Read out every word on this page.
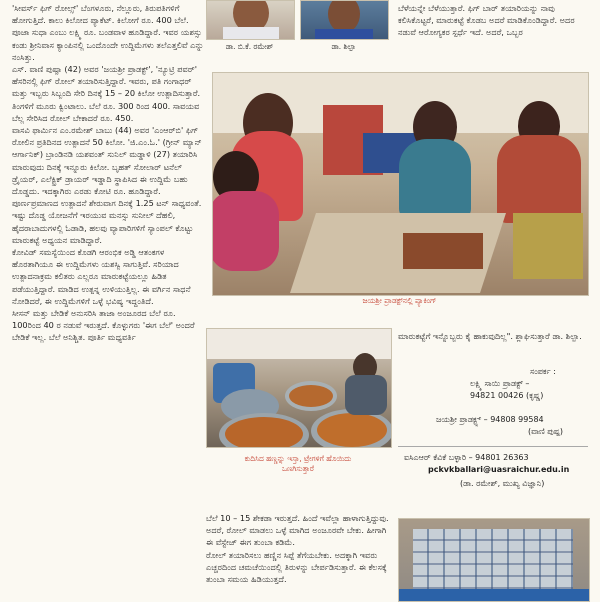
'ಸೀವರ್ಸ್ ಫಿಗ್ ರೋಲ್ಸ್' ಬೆಂಗಳೂರು, ನೆಲ್ಲೂರು, ತಿರುಪತಿಗಳಿಗೆ ಹೋಗುತ್ತಿದೆ. ಕಾಲು ಕಿಲೋದ ಪ್ಯಾಕೆಟ್. ಕಿಲೋಗೆ ರೂ. 400 ಬೆಲೆ.
ಪೂಜಾ ಸುಧಾ ಎಂಬು ಲಕ್ಷ್ಮಿ ರೂ. ಬಂಡವಾಳ ಹೂಡಿದ್ದಾರೆ. ಇವರ ಯಶಸ್ಸು ಕಂಡು ಶ್ರೀನಿವಾಸ ಕ್ಯಾಂಪಿನಲ್ಲಿ ಒಂದೊಂದೇ ಉದ್ದಿಮೆಗಳು ತಲೆಎತ್ತಲಿವೆ ಎನ್ನು ನಂಸಿತ್ತು.
ಎಸ್. ವಾಣಿ ಪುಷ್ಪಾ (42) ಅವರ 'ಜಯಶ್ರೀ ಪ್ರಾಡಕ್ಟ್', 'ನ್ಯೂಟ್ರಿ ಪವರ್' ಹೆಸರಿನಲ್ಲಿ ಫಿಗ್ ರೋಲ್ ತಯಾರಿಸುತ್ತಿದ್ದಾರೆ. ಇವರು, ಪತಿ ಗಂಗಾಧರ್ ಮತ್ತು ಇಬ್ಬರು ಸಿಬ್ಬಂದಿ ಸೇರಿ ದಿನಕ್ಕೆ 15 – 20 ಕಿಲೋ ಉತ್ಪಾದಿಸುತ್ತಾರೆ. ತಿಂಗಳಿಗೆ ಮೂರು ಕ್ವಿಂಟಾಲು. ಬೆಲೆ ರೂ. 300 ರಿಂದ 400. ಸಾವಯವ ಬೆಲ್ಲ ಸೇರಿಸಿದ ರೋಲ್ ಬೇಕಾದರೆ ರೂ. 450.
ವಾಸವಿ ಫಾರ್ಮಿನ ಎಂ.ರಮೇಶ್ ಬಾಬು (44) ಅವರ 'ಎಂಆರ್‌ಬಿ' ಫಿಗ್ ರೋಲಿನ ಪ್ರತಿದಿನದ ಉತ್ಪಾದನೆ 50 ಕಿಲೋ. 'ಜಿ.ಎಂ.ಓ.' (ಗ್ರೀನ್ ಮ್ಯಾನ್ ಆರ್ಗಾನಿಕ್) ಬ್ರಾಂಡಿನಡಿ ಯಶವಂತ್ ಸುನಿಲ್ ಮಡ್ಡಾಳಿ (27) ತಯಾರಿಸಿ ಮಾರುವುದು ದಿನಕ್ಕೆ ಇನ್ನೂರು ಕಿಲೋ. ಬೃಹತ್ ಸೋಲಾರ್ ಟನೆಲ್ ಡ್ರೈಯರ್, ಎಲೆಕ್ಟ್ರಿಕ್ ಡ್ರಾಯರ್ ಇಡ್ಡಾದಿ ಸ್ಥಾಪಿಸಿದ ಈ ಉದ್ದಿಮೆ ಬಹು ದೊಡ್ಡದು. ಇದಕ್ಕಾಗಿರು ಎರಡು ಕೋಟಿ ರೂ. ಹೂಡಿದ್ದಾರೆ. ಪೂರ್ಣಪ್ರಮಾಣದ ಉತ್ಪಾದನೆ ಶೇರುವಾಗ ದಿನಕ್ಕೆ 1.25 ಟನ್ ಸಾಧ್ಯವಂತೆ. ಇಷ್ಟು ದೊಡ್ಡ ಯೋಜನೆಗೆ ಇರಯುವ ಮನಸ್ಸು ಸುನೀಲ್ ದೆಹಲಿ, ಹೈದರಾಬಾದುಗಳಲ್ಲಿ ಓಡಾಡಿ, ಹಲವು ವ್ಯಾಪಾರಿಗಳಿಗೆ ಸ್ಯಾಂಪಲ್ ಕೊಟ್ಟು ಮಾರುಕಟ್ಟೆ ಅಧ್ಯಯನ ಮಾಡಿದ್ದಾರೆ.
ಕೋವಿಡ್ ಸಮಸ್ಯೆಯಿಂದ ಕೊಡಗಿ ಆರಂಭಿಕ ಅಡ್ಡಿ ಆತಂಕಗಳ ಹೊರತಾಗಿಯೂ ಈ ಉದ್ದಿಮೆಗಳು ಯಶಸ್ವಿ ಸಾಗುತ್ತಿವೆ. ಸರಿಯಾದ ಉತ್ಪಾದನಾಕ್ರಮ ಕಲಿತರು ಎಲ್ಲರೂ ಮಾರುಕಟ್ಟೆಯಲ್ಲೂ ಹಿಡಿತ ಪಡೆಯುತ್ತಿದ್ದಾರೆ. ಮಾಡಿದ ಉತ್ಪನ್ನ ಉಳಿಯುತ್ತಿಲ್ಲ. ಈ ವರ್ಗಿನ ಸಾಧನೆ ನೋಡಿದರೆ, ಈ ಉದ್ದಿಮೆಗಳಿಗೆ ಒಳ್ಳೆ ಭವಿಷ್ಯ ಇದ್ದಂತಿದೆ.
ಸೀಸನ್ ಮತ್ತು ಬೇಡಿಕೆ ಅನುಸರಿಸಿ ತಾಜಾ ಅಂಜೂರದ ಬೆಲೆ ರೂ. 100ರಿಂದ 40 ರ ನಡುವೆ ಇರುತ್ತದೆ. ಕೊಳ್ಳುಗರು 'ಈಗ ಬೆಲೆ' ಅಂದರೆ ಬೇಡಿಕೆ ಇಲ್ಲ. ಬೆಲೆ ಅನಿಶ್ಚಿತ. ಪೂರ್ತಿ ಮಧ್ಯವರ್ತಿ
ಡಾ. ಬಿ.ಕೆ. ರಮೇಶ್	ಡಾ. ಶಿಲ್ಪಾ
ಬೆಳೆಯನ್ನೇ ಬೆಳೆಯುತ್ತಾರೆ. ಫಿಗ್ ಬಾರ್ ತಯಾರಿಯನ್ನು ನಾವು ಕಲಿಸಿಕೊಟ್ಟರೆ, ಮಾರುಕಟ್ಟೆ ಕೊಡಬ ಅದರೆ ಮಾಡಿಕೊಂಡಿದ್ದಾರೆ. ಅದರ ನಡುವೆ ಆರೋಗ್ಯಕರ ಸ್ಪರ್ಧೆ ಇದೆ. ಅದರೆ, ಒಬ್ಬರ
ಜಯಶ್ರೀ ಪ್ರಾಡಕ್ಟ್‌ನಲ್ಲಿ ಪ್ಯಾಕಿಂಗ್
ಕುದಿಸಿದ ಹಣ್ಣನ್ನು ಇಸ್ತಾ, ಟ್ರೇಗಳಿಗೆ ಹೊಯಿದು
ಒಣಗಿಸುತ್ತಾರೆ
ಬೆಲೆ 10 – 15 ಶೇಕಡಾ ಇರುತ್ತದೆ. ಹಿಂದೆ ಇವೆಲ್ಲಾ ಹಾಳಾಗುತ್ತಿದ್ದುವು. ಅದರೆ, ರೋಲ್ ಮಾಡಲು ಒಳ್ಳೆ ಮಾಗಿದ ಅಂಜೂರವೇ ಬೇಕು. ಹೀಗಾಗಿ ಈ ವೆಸ್ಟೇಜ್ ಈಗ ತುಂಬಾ ಕಡಿಮೆ.
ರೋಲ್ ತಯಾರಿಸಲು ಹಣ್ಣಿನ ಸಿಪ್ಪೆ ತೆಗೆಯಬೇಕು. ಅದಕ್ಕಾಗಿ ಇವರು ಎಚ್ಚರದಿಂದ ಚಮಚೆಯಿಂದಲ್ಲಿ ತಿರುಳನ್ನು ಬೇರ್ಪಡಿಸುತ್ತಾರೆ. ಈ ಕೆಲಸಕ್ಕೆ ತುಂಬಾ ಸಮಯ ಹಿಡಿಯುತ್ತದೆ.
ಮಾರುಕಟ್ಟೆಗೆ ಇನ್ನೊಬ್ಬರು ಕೈ ಹಾಕುವುದಿಲ್ಲ". ಶ್ಲಾಘಿಸುತ್ತಾರೆ ಡಾ. ಶಿಲ್ಪಾ.
ಸಂಪರ್ಕ :
ಲಕ್ಷ್ಮಿ ಸಾಯಿ ಪ್ರಾಡಕ್ಟ್ –
94821 00426 (ಕೃಷ್ಣ)
ಜಯಶ್ರೀ ಪ್ರಾಡಕ್ಟ್ಸ್ – 94808 99584
(ವಾಣಿ ಪುಷ್ಪ)
ಐಸಿಎಆರ್ ಕೆವಿಕೆ ಬಳ್ಳಾರಿ – 94801 26363
pckvkballari@uasraichur.edu.in
(ಡಾ. ರಮೇಶ್, ಮುಖ್ಯ ವಿಜ್ಞಾನಿ)
